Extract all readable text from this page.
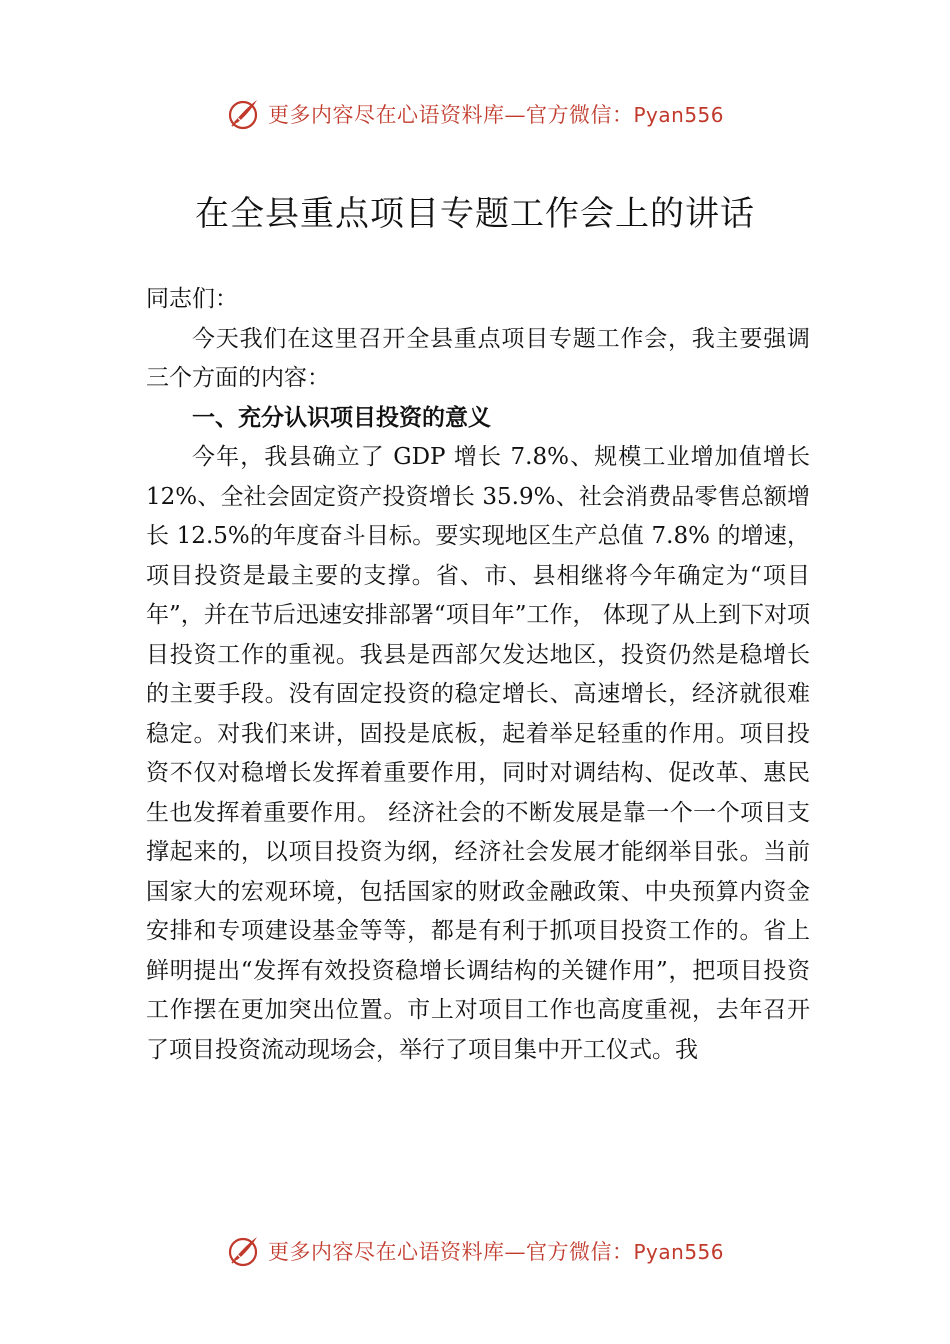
更多内容尽在心语资料库—官方微信：Pyan556
在全县重点项目专题工作会上的讲话

同志们：

今天我们在这里召开全县重点项目专题工作会，我主要强调三个方面的内容：

一、充分认识项目投资的意义

今年，我县确立了 GDP 增长 7.8%、规模工业增加值增长 12%、全社会固定资产投资增长 35.9%、社会消费品零售总额增长 12.5%的年度奋斗目标。要实现地区生产总值 7.8% 的增速，项目投资是最主要的支撑。省、市、县相继将今年确定为“项目年”，并在节后迅速安排部署“项目年”工作， 体现了从上到下对项目投资工作的重视。我县是西部欠发达地区，投资仍然是稳增长的主要手段。没有固定投资的稳定增长、高速增长，经济就很难稳定。对我们来讲，固投是底板，起着举足轻重的作用。项目投资不仅对稳增长发挥着重要作用，同时对调结构、促改革、惠民生也发挥着重要作用。 经济社会的不断发展是靠一个一个项目支撑起来的，以项目投资为纲，经济社会发展才能纲举目张。当前国家大的宏观环境，包括国家的财政金融政策、中央预算内资金安排和专项建设基金等等，都是有利于抓项目投资工作的。省上鲜明提出“发挥有效投资稳增长调结构的关键作用”，把项目投资工作摆在更加突出位置。市上对项目工作也高度重视，去年召开了项目投资流动现场会，举行了项目集中开工仪式。我

更多内容尽在心语资料库—官方微信：Pyan556
